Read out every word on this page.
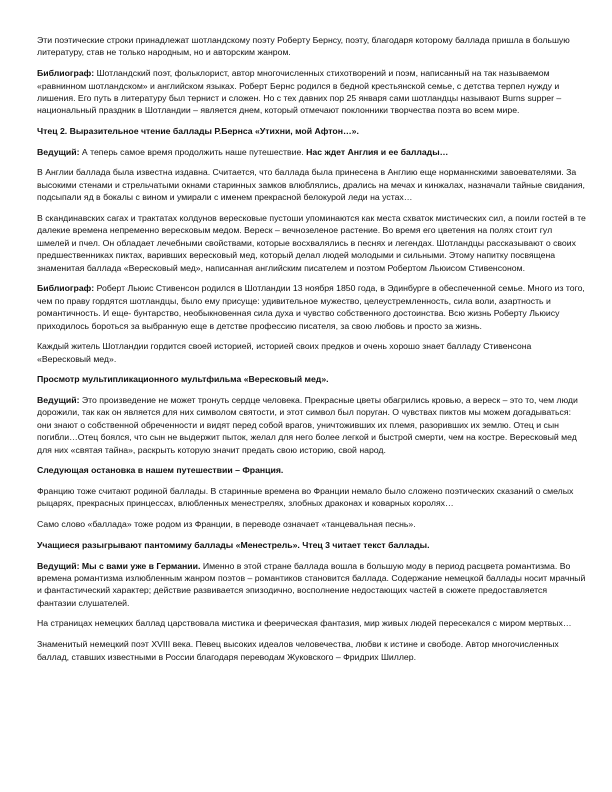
Эти поэтические строки принадлежат шотландскому поэту Роберту Бернсу, поэту, благодаря которому баллада пришла в большую литературу, став не только народным, но и авторским жанром.

Библиограф: Шотландский поэт, фольклорист, автор многочисленных стихотворений и поэм, написанный на так называемом «равнинном шотландском» и английском языках. Роберт Бернс родился в бедной крестьянской семье, с детства терпел нужду и лишения. Его путь в литературу был тернист и сложен. Но с тех давних пор 25 января сами шотландцы называют Burns supper – национальный праздник в Шотландии – является днем, который отмечают поклонники творчества поэта во всем мире.

Чтец 2. Выразительное чтение баллады Р.Бернса «Утихни, мой Афтон…».

Ведущий: А теперь самое время продолжить наше путешествие. Нас ждет Англия и ее баллады…

В Англии баллада была известна издавна. Считается, что баллада была принесена в Англию еще норманнскими завоевателями. За высокими стенами и стрельчатыми окнами старинных замков влюблялись, дрались на мечах и кинжалах, назначали тайные свидания, подсыпали яд в бокалы с вином и умирали с именем прекрасной белокурой леди на устах…

В скандинавских сагах и трактатах колдунов вересковые пустоши упоминаются как места схваток мистических сил, а поили гостей в те далекие времена непременно вересковым медом. Вереск – вечнозеленое растение. Во время его цветения на полях стоит гул шмелей и пчел. Он обладает лечебными свойствами, которые восхвалялись в песнях и легендах. Шотландцы рассказывают о своих предшественниках пиктах, варивших вересковый мед, который делал людей молодыми и сильными. Этому напитку посвящена знаменитая баллада «Вересковый мед», написанная английским писателем и поэтом Робертом Льюисом Стивенсоном.

Библиограф: Роберт Льюис Стивенсон родился в Шотландии 13 ноября 1850 года, в Эдинбурге в обеспеченной семье. Много из того, чем по праву гордятся шотландцы, было ему присуще: удивительное мужество, целеустремленность, сила воли, азартность и романтичность. И еще- бунтарство, необыкновенная сила духа и чувство собственного достоинства. Всю жизнь Роберту Льюису приходилось бороться за выбранную еще в детстве профессию писателя, за свою любовь и просто за жизнь.

Каждый житель Шотландии гордится своей историей, историей своих предков и очень хорошо знает балладу Стивенсона «Вересковый мед».

Просмотр мультипликационного мультфильма «Вересковый мед».

Ведущий: Это произведение не может тронуть сердце человека. Прекрасные цветы обагрились кровью, а вереск – это то, чем люди дорожили, так как он является для них символом святости, и этот символ был поруган. О чувствах пиктов мы можем догадываться: они знают о собственной обреченности и видят перед собой врагов, уничтоживших их племя, разоривших их землю. Отец и сын погибли…Отец боялся, что сын не выдержит пыток, желал для него более легкой и быстрой смерти, чем на костре. Вересковый мед для них «святая тайна», раскрыть которую значит предать свою историю, свой народ.

Следующая остановка в нашем путешествии – Франция.

Францию тоже считают родиной баллады. В старинные времена во Франции немало было сложено поэтических сказаний о смелых рыцарях, прекрасных принцессах, влюбленных менестрелях, злобных драконах и коварных королях…

Само слово «баллада» тоже родом из Франции, в переводе означает «танцевальная песнь».

Учащиеся разыгрывают пантомиму баллады «Менестрель». Чтец 3 читает текст баллады.

Ведущий: Мы с вами уже в Германии. Именно в этой стране баллада вошла в большую моду в период расцвета романтизма. Во времена романтизма излюбленным жанром поэтов – романтиков становится баллада. Содержание немецкой баллады носит мрачный и фантастический характер; действие развивается эпизодично, восполнение недостающих частей в сюжете предоставляется фантазии слушателей.

На страницах немецких баллад царствовала мистика и феерическая фантазия, мир живых людей пересекался с миром мертвых…

Знаменитый немецкий поэт XVIII века. Певец высоких идеалов человечества, любви к истине и свободе. Автор многочисленных баллад, ставших известными в России благодаря переводам Жуковского – Фридрих Шиллер.
